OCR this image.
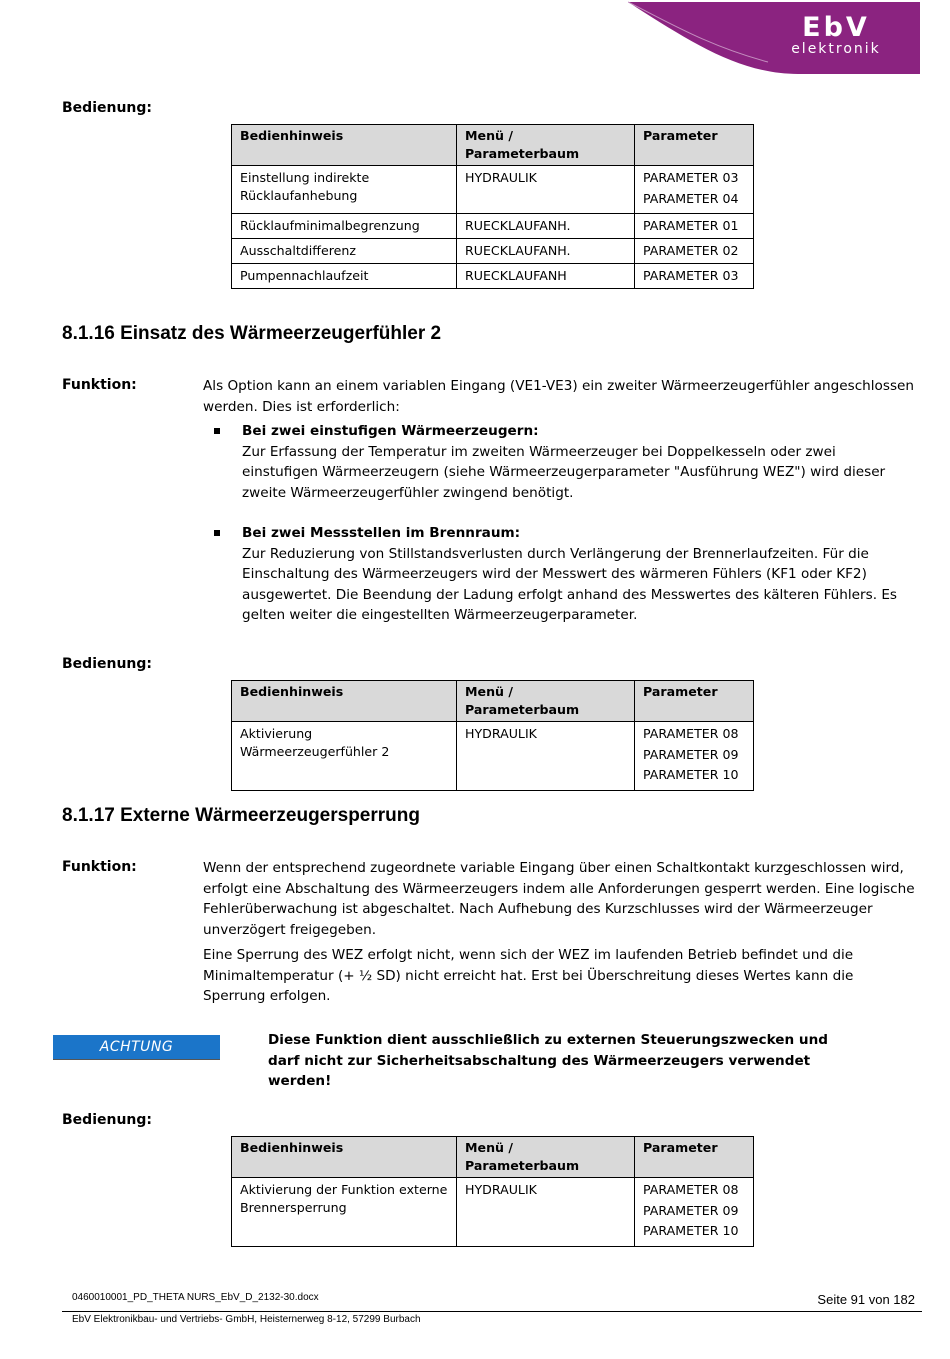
EbV
elektronik
Bedienung:
Bedienhinweis	Menü / Parameterbaum	Parameter
Einstellung indirekte Rücklaufanhebung	HYDRAULIK	PARAMETER 03
PARAMETER 04

Rücklaufminimalbegrenzung	RUECKLAUFANH.	PARAMETER 01
Ausschaltdifferenz	RUECKLAUFANH.	PARAMETER 02
Pumpennachlaufzeit	RUECKLAUFANH	PARAMETER 03
8.1.16 Einsatz des Wärmeerzeugerfühler 2
Funktion:	Als Option kann an einem variablen Eingang (VE1-VE3) ein zweiter Wärmeerzeugerfühler angeschlossen werden. Dies ist erforderlich:
Bei zwei einstufigen Wärmeerzeugern:
Zur Erfassung der Temperatur im zweiten Wärmeerzeuger bei Doppelkesseln oder zwei einstufigen Wärmeerzeugern (siehe Wärmeerzeugerparameter "Ausführung WEZ") wird dieser zweite Wärmeerzeugerfühler zwingend benötigt.
Bei zwei Messstellen im Brennraum:
Zur Reduzierung von Stillstandsverlusten durch Verlängerung der Brennerlaufzeiten. Für die Einschaltung des Wärmeerzeugers wird der Messwert des wärmeren Fühlers (KF1 oder KF2) ausgewertet. Die Beendung der Ladung erfolgt anhand des Messwertes des kälteren Fühlers. Es gelten weiter die eingestellten Wärmeerzeugerparameter.
Bedienung:
Bedienhinweis	Menü / Parameterbaum	Parameter
Aktivierung Wärmeerzeugerfühler 2	HYDRAULIK	PARAMETER 08
PARAMETER 09
PARAMETER 10
8.1.17 Externe Wärmeerzeugersperrung
Funktion:	Wenn der entsprechend zugeordnete variable Eingang über einen Schaltkontakt kurzgeschlossen wird, erfolgt eine Abschaltung des Wärmeerzeugers indem alle Anforderungen gesperrt werden. Eine logische Fehlerüberwachung ist abgeschaltet. Nach Aufhebung des Kurzschlusses wird der Wärmeerzeuger unverzögert freigegeben.
Eine Sperrung des WEZ erfolgt nicht, wenn sich der WEZ im laufenden Betrieb befindet und die Minimaltemperatur (+ ½ SD) nicht erreicht hat. Erst bei Überschreitung dieses Wertes kann die Sperrung erfolgen.
ACHTUNG	Diese Funktion dient ausschließlich zu externen Steuerungszwecken und darf nicht zur Sicherheitsabschaltung des Wärmeerzeugers verwendet werden!
Bedienung:
Bedienhinweis	Menü / Parameterbaum	Parameter
Aktivierung der Funktion externe Brennersperrung	HYDRAULIK	PARAMETER 08
PARAMETER 09
PARAMETER 10
0460010001_PD_THETA NURS_EbV_D_2132-30.docx	Seite 91 von 182
EbV Elektronikbau- und Vertriebs- GmbH, Heisternerweg 8-12, 57299 Burbach
